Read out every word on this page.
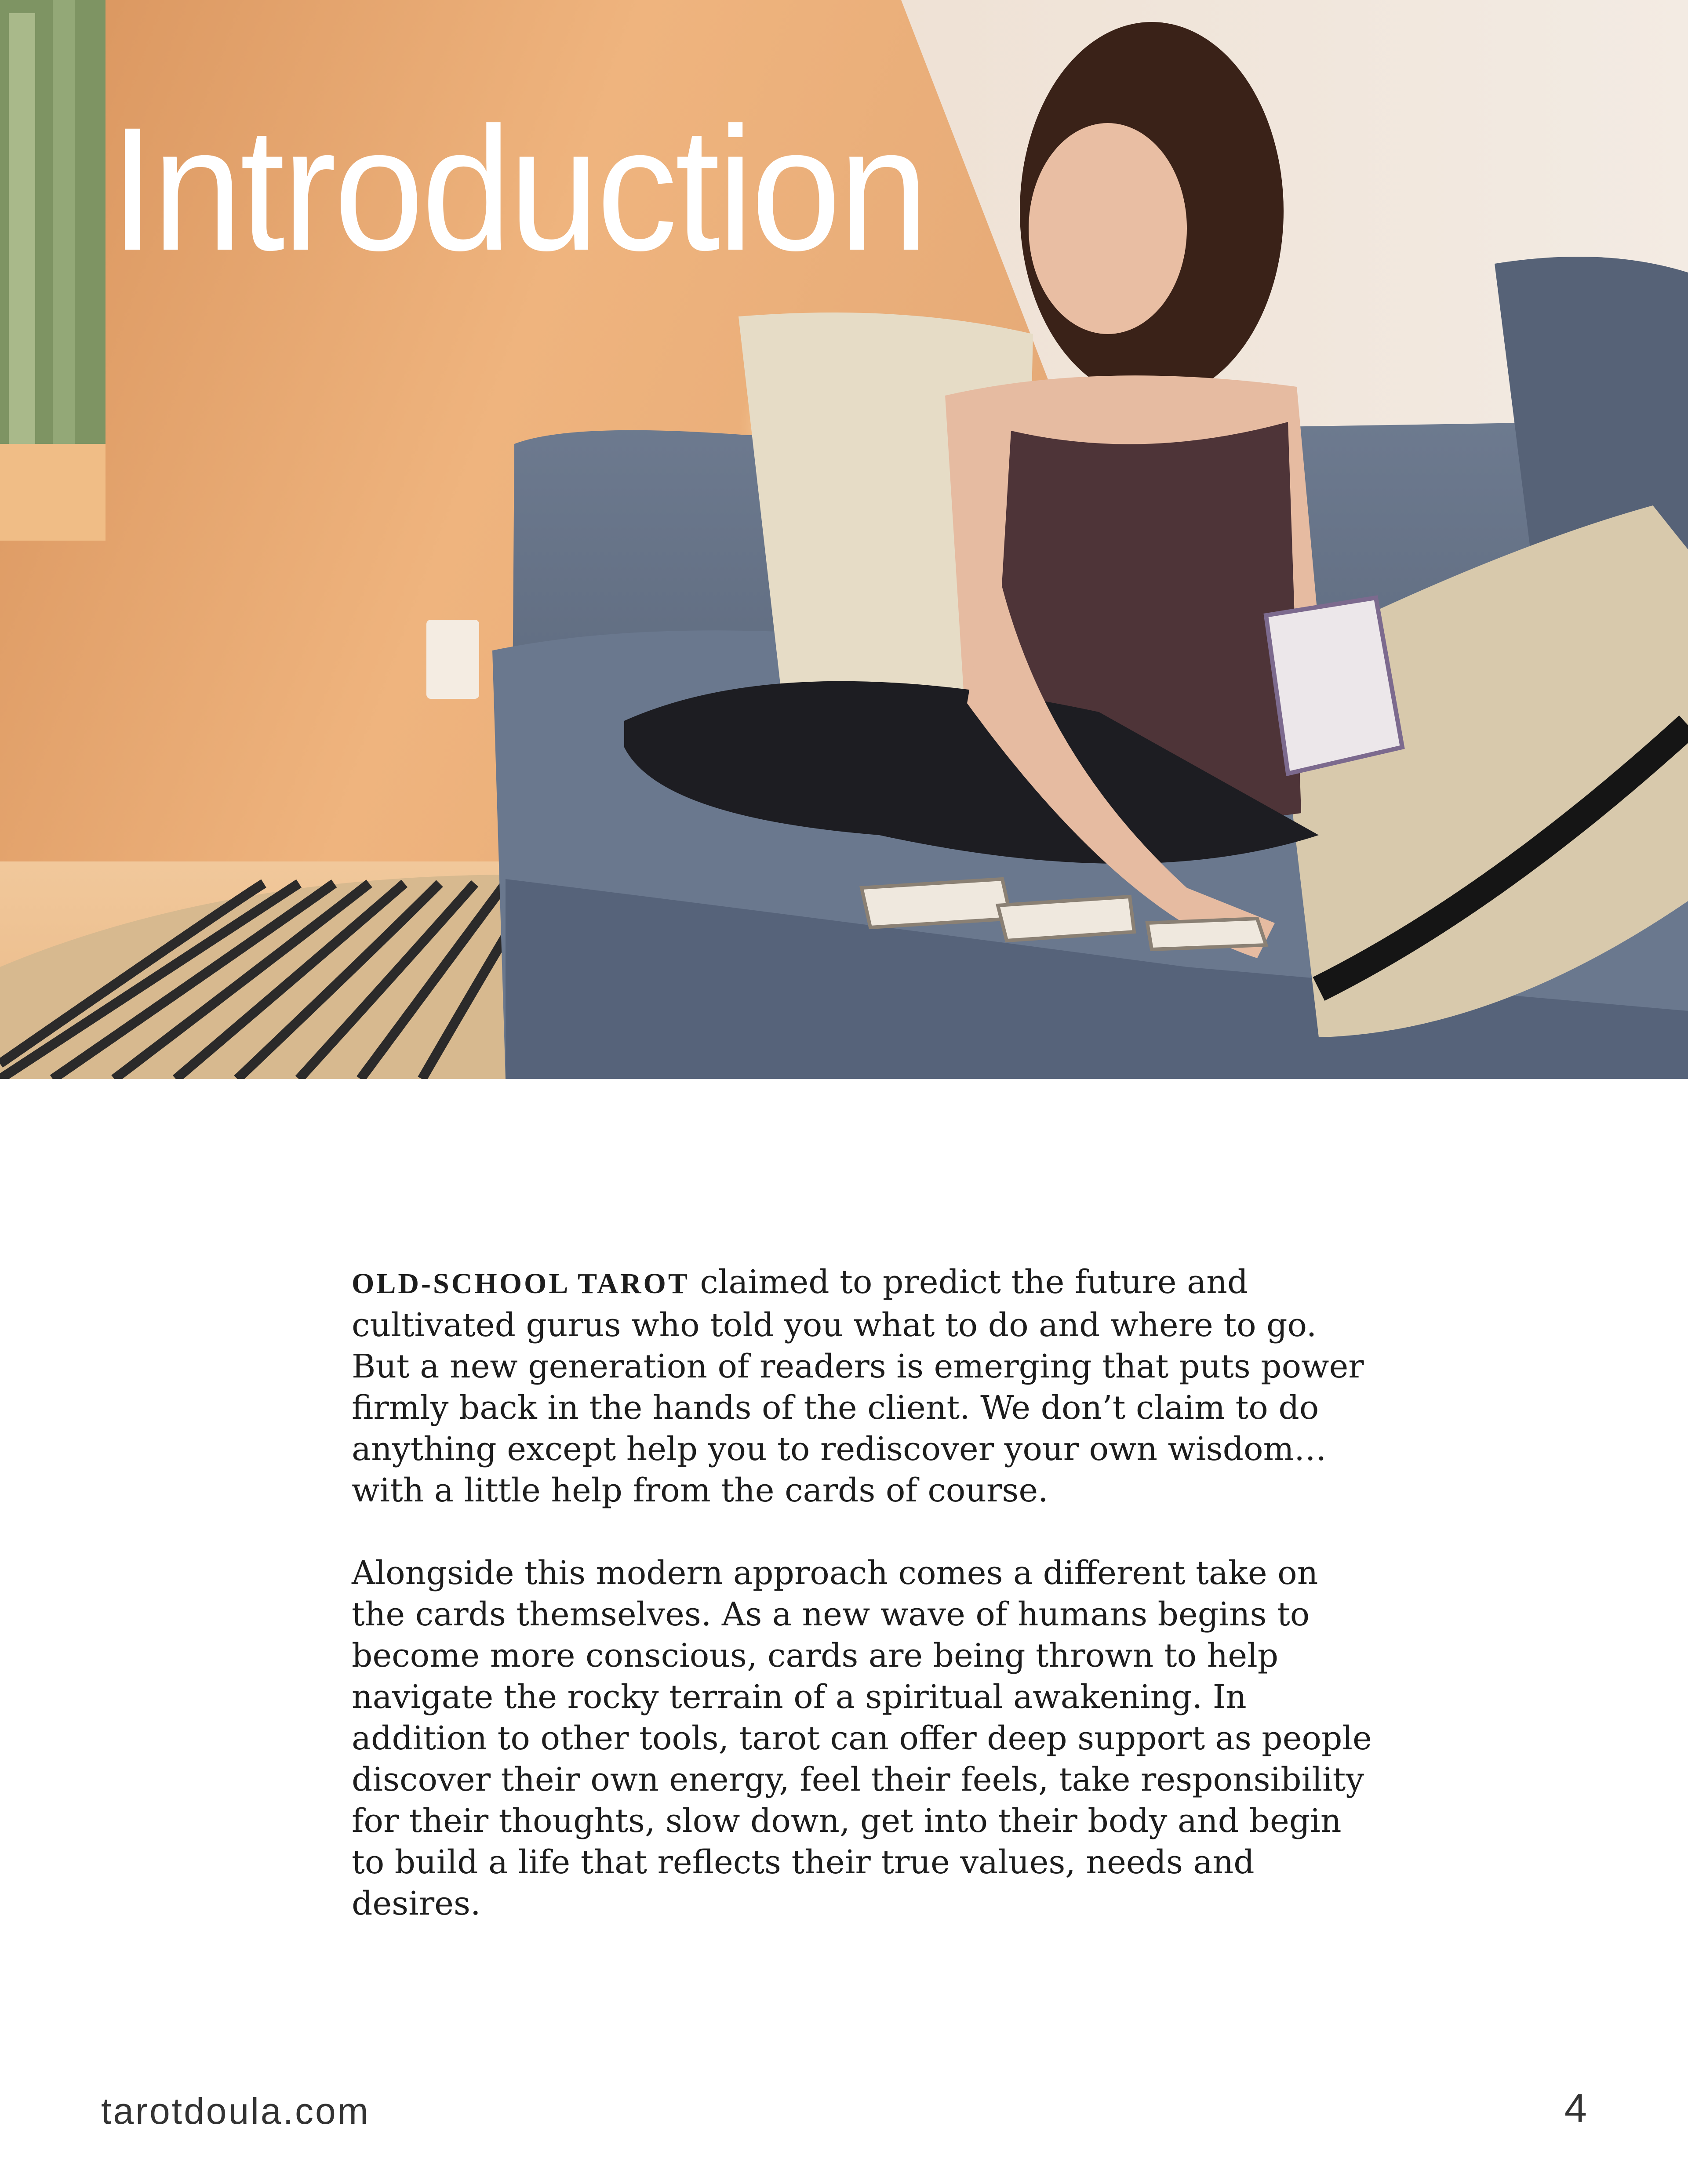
Introduction

OLD-SCHOOL TAROT claimed to predict the future and cultivated gurus who told you what to do and where to go. But a new generation of readers is emerging that puts power firmly back in the hands of the client. We don’t claim to do anything except help you to rediscover your own wisdom…with a little help from the cards of course.

Alongside this modern approach comes a different take on the cards themselves. As a new wave of humans begins to become more conscious, cards are being thrown to help navigate the rocky terrain of a spiritual awakening. In addition to other tools, tarot can offer deep support as people discover their own energy, feel their feels, take responsibility for their thoughts, slow down, get into their body and begin to build a life that reflects their true values, needs and desires.

tarotdoula.com	4
